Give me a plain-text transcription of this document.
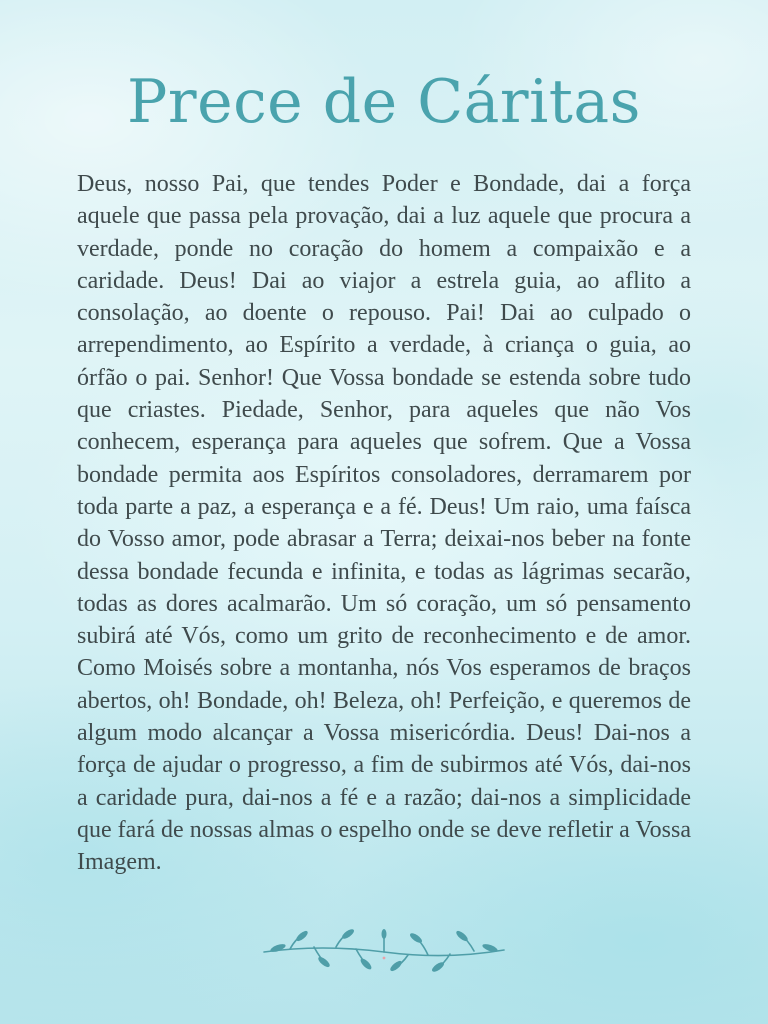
Prece de Cáritas

Deus, nosso Pai, que tendes Poder e Bondade, dai a força aquele que passa pela provação, dai a luz aquele que procura a verdade, ponde no coração do homem a compaixão e a caridade. Deus! Dai ao viajor a estrela guia, ao aflito a consolação, ao doente o repouso. Pai! Dai ao culpado o arrependimento, ao Espírito a verdade, à criança o guia, ao órfão o pai. Senhor! Que Vossa bondade se estenda sobre tudo que criastes. Piedade, Senhor, para aqueles que não Vos conhecem, esperança para aqueles que sofrem. Que a Vossa bondade permita aos Espíritos consoladores, derramarem por toda parte a paz, a esperança e a fé. Deus! Um raio, uma faísca do Vosso amor, pode abrasar a Terra; deixai-nos beber na fonte dessa bondade fecunda e infinita, e todas as lágrimas secarão, todas as dores acalmarão. Um só coração, um só pensamento subirá até Vós, como um grito de reconhecimento e de amor. Como Moisés sobre a montanha, nós Vos esperamos de braços abertos, oh! Bondade, oh! Beleza, oh! Perfeição, e queremos de algum modo alcançar a Vossa misericórdia. Deus! Dai-nos a força de ajudar o progresso, a fim de subirmos até Vós, dai-nos a caridade pura, dai-nos a fé e a razão; dai-nos a simplicidade que fará de nossas almas o espelho onde se deve refletir a Vossa Imagem.
